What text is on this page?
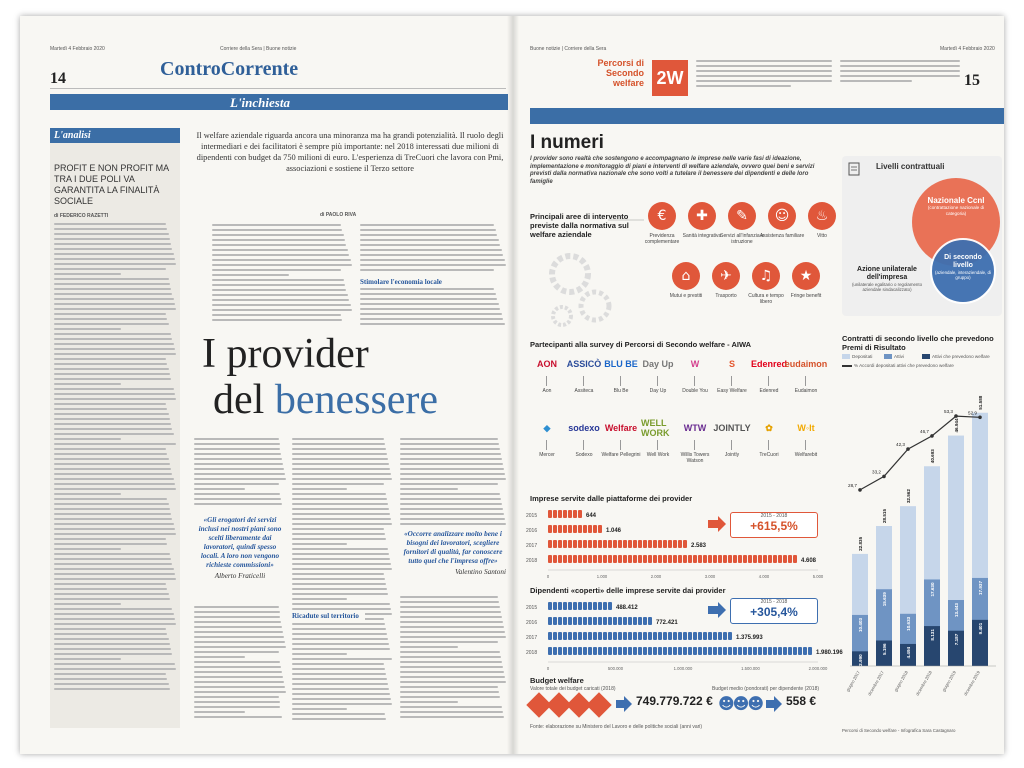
Martedì 4 Febbraio 2020	Corriere della Sera | Buone notizie
14	ControCorrente
L'inchiesta
L'analisi
PROFIT E NON PROFIT MA TRA I DUE POLI VA GARANTITA LA FINALITÀ SOCIALE
di FEDERICO RAZETTI
Il welfare aziendale riguarda ancora una minoranza ma ha grandi potenzialità. Il ruolo degli intermediari e dei facilitatori è sempre più importante: nel 2018 interessati due milioni di dipendenti con budget da 750 milioni di euro. L'esperienza di TreCuori che lavora con Pmi, associazioni e sostiene il Terzo settore
di PAOLO RIVA
Stimolare l'economia locale
I provider
del benessere
«Gli erogatori dei servizi inclusi nei nostri piani sono scelti liberamente dai lavoratori, quindi spesso locali. A loro non vengono richieste commissioni»
Alberto Fraticelli
Ricadute sul territorio
«Occorre analizzare molto bene i bisogni dei lavoratori, scegliere fornitori di qualità, far conoscere tutto quel che l'impresa offre»
Valentino Santoni
Buone notizie | Corriere della Sera	Martedì 4 Febbraio 2020
15
Percorsi di Secondo welfare 2W
I numeri
I provider sono realtà che sostengono e accompagnano le imprese nelle varie fasi di ideazione, implementazione e monitoraggio di piani e interventi di welfare aziendale, ovvero quei beni e servizi previsti dalla normativa nazionale che sono volti a tutelare il benessere dei dipendenti e delle loro famiglie
Principali aree di intervento previste dalla normativa sul welfare aziendale
€
Previdenza complementare
✚
Sanità integrativa
✎
Servizi all'infanzia e istruzione
☺
Assistenza familiare
♨
Vitto
⌂
Mutui e prestiti
✈
Trasporto
♫
Cultura e tempo libero
★
Fringe benefit
Livelli contrattuali
Nazionale Ccnl
(contrattazione nazionale di categoria)
Di secondo livello
(aziendale, interaziendale, di gruppo)
Azione unilaterale dell'impresa
(unilaterale egalitario o regolamento aziendale sindacalizzato)
Partecipanti alla survey di Percorsi di Secondo welfare - AIWA
AON
Aon
ASSICÒ
Assiteca
BLU BE
Blu Be
Day Up
Day Up
W
Double You
S
Easy Welfare
Edenred
Edenred
eudaimon
Eudaimon
◆
Mercer
sodexo
Sodexo
Welfare
Welfare Pellegrini
WELL WORK
Well Work
WTW
Willis Towers Watson
JOINTLY
Jointly
✿
TreCuori
W◦lt
Welfarebit
Imprese servite dalle piattaforme dei provider
2015	644
2016	1.046
2017	2.583
2018	4.608
0	1.000	2.000	3.000	4.000	5.000
2015 - 2018
+615,5%
Dipendenti «coperti» delle imprese servite dai provider
2015	488.412
2016	772.421
2017	1.375.993
2018	1.980.196
0	500.000	1.000.000	1.500.000	2.000.000
2015 - 2018
+305,4%
Budget welfare
Valore totale dei budget caricati (2018)
749.779.722 €
Budget medio (pondorati) per dipendente (2018)
☻☻☻	558 €
Fonte: elaborazione su Ministero del Lavoro e delle politiche sociali (anni vari)
Contratti di secondo livello che prevedono Premi di Risultato
Depositati	Attivi	Attivi che prevedono welfare
% Accordi depositati attivi che prevedono welfare
22.835
10.403
2.990
giugno 2017
28.515
15.639
5.196
dicembre 2017
32.562
10.633
4.494
giugno 2018
40.693
17.630
8.131
dicembre 2018
46.944
13.443
7.187
giugno 2019
51.588
17.937
9.401
dicembre 2019
28,7
33,2
42,3
46,7
53,3	52,9
Percorsi di Secondo welfare - Infografica Sara Castagnaro
